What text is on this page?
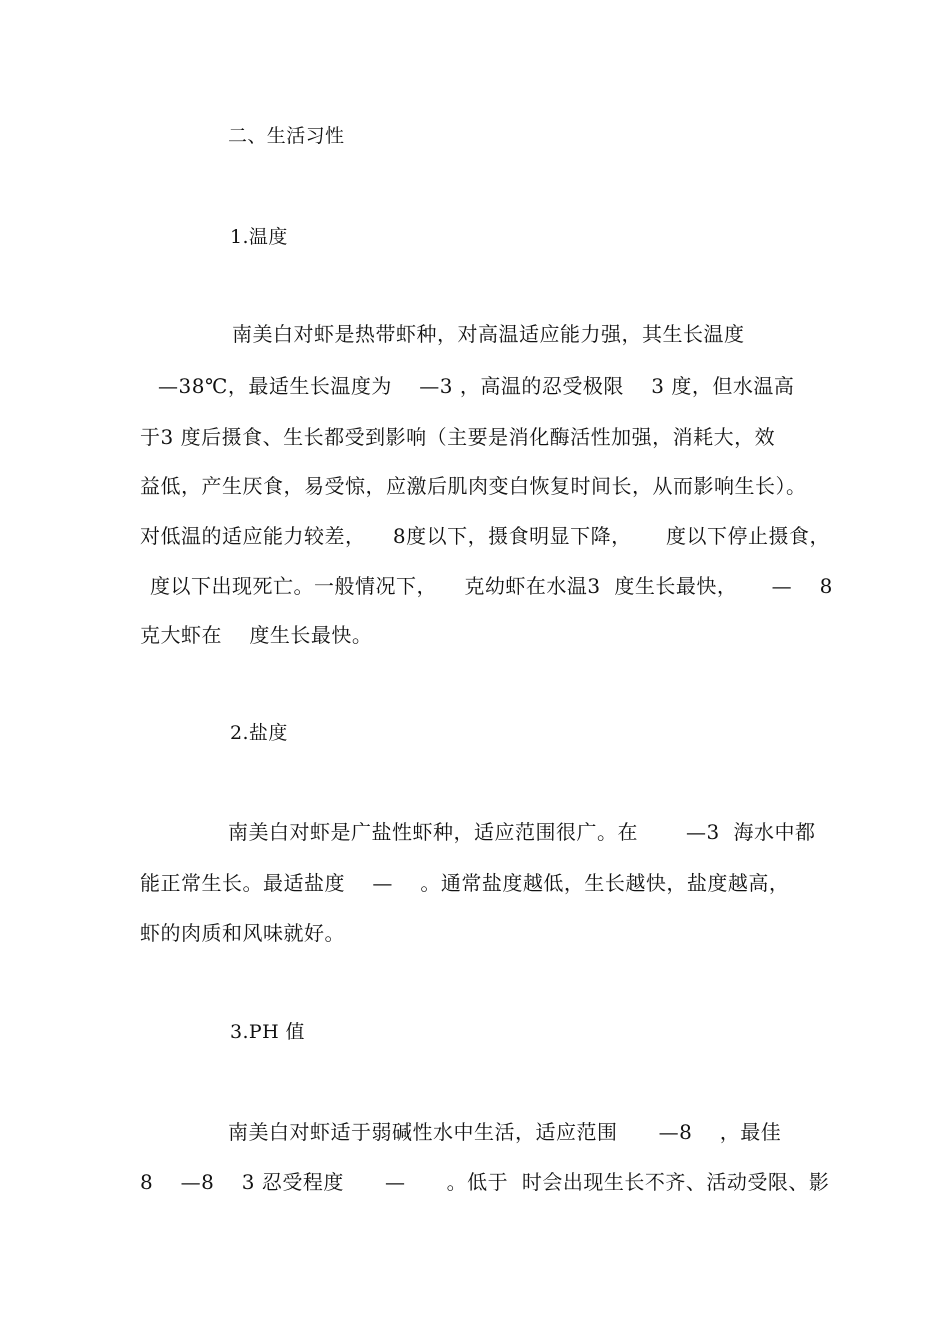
二、生活习性
1.温度
南美白对虾是热带虾种，对高温适应能力强，其生长温度
—38℃，最适生长温度为    —3 ，高温的忍受极限    3 度，但水温高
于3 度后摄食、生长都受到影响（主要是消化酶活性加强，消耗大，效
益低，产生厌食，易受惊，应激后肌肉变白恢复时间长，从而影响生长）。
对低温的适应能力较差，    8度以下，摄食明显下降，     度以下停止摄食，
度以下出现死亡。一般情况下，    克幼虾在水温3  度生长最快，     —    8
克大虾在    度生长最快。
2.盐度
南美白对虾是广盐性虾种，适应范围很广。在       —3  海水中都
能正常生长。最适盐度    —    。通常盐度越低，生长越快，盐度越高，
虾的肉质和风味就好。
3.PH 值
南美白对虾适于弱碱性水中生活，适应范围      —8    ，最佳
8    —8    3 忍受程度      —      。低于  时会出现生长不齐、活动受限、影
